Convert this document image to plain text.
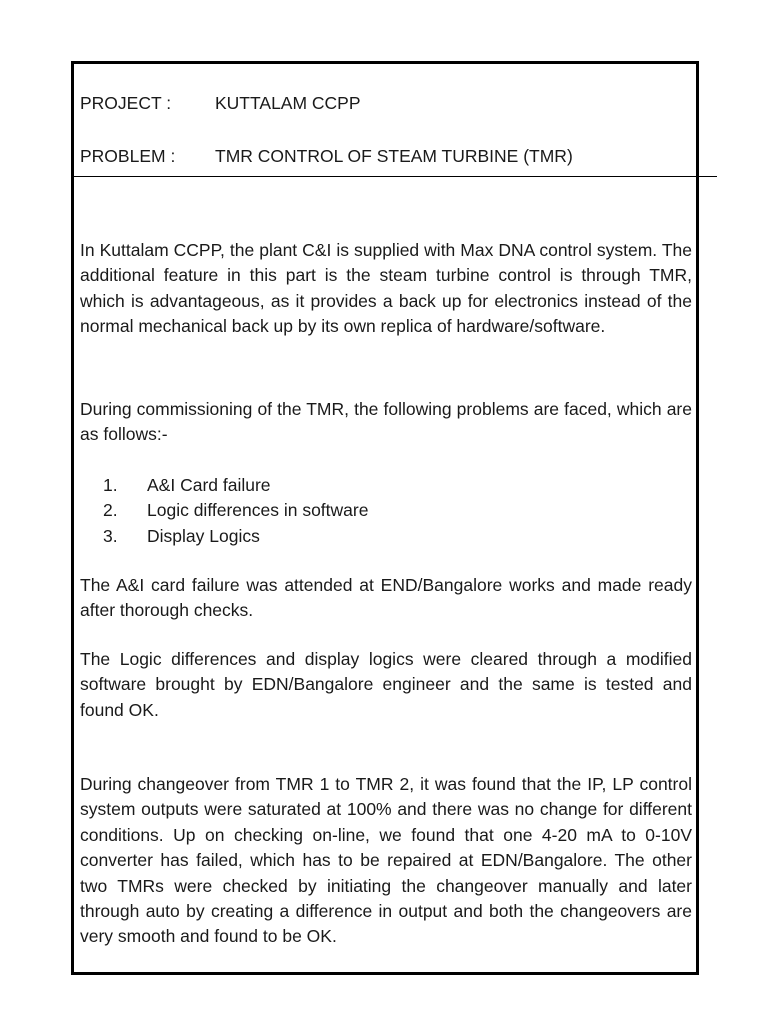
PROJECT :	KUTTALAM CCPP
PROBLEM : TMR CONTROL OF STEAM TURBINE (TMR)

In Kuttalam CCPP, the plant C&I is supplied with Max DNA control system. The additional feature in this part is the steam turbine control is through TMR, which is advantageous, as it provides a back up for electronics instead of the normal mechanical back up by its own replica of hardware/software.

During commissioning of the TMR, the following problems are faced, which are as follows:-

1. A&I Card failure
2. Logic differences in software
3. Display Logics

The A&I card failure was attended at END/Bangalore works and made ready after thorough checks.

The Logic differences and display logics were cleared through a modified software brought by EDN/Bangalore engineer and the same is tested and found OK.

During changeover from TMR 1 to TMR 2, it was found that the IP, LP control system outputs were saturated at 100% and there was no change for different conditions. Up on checking on-line, we found that one 4-20 mA to 0-10V converter has failed, which has to be repaired at EDN/Bangalore. The other two TMRs were checked by initiating the changeover manually and later through auto by creating a difference in output and both the changeovers are very smooth and found to be OK.
